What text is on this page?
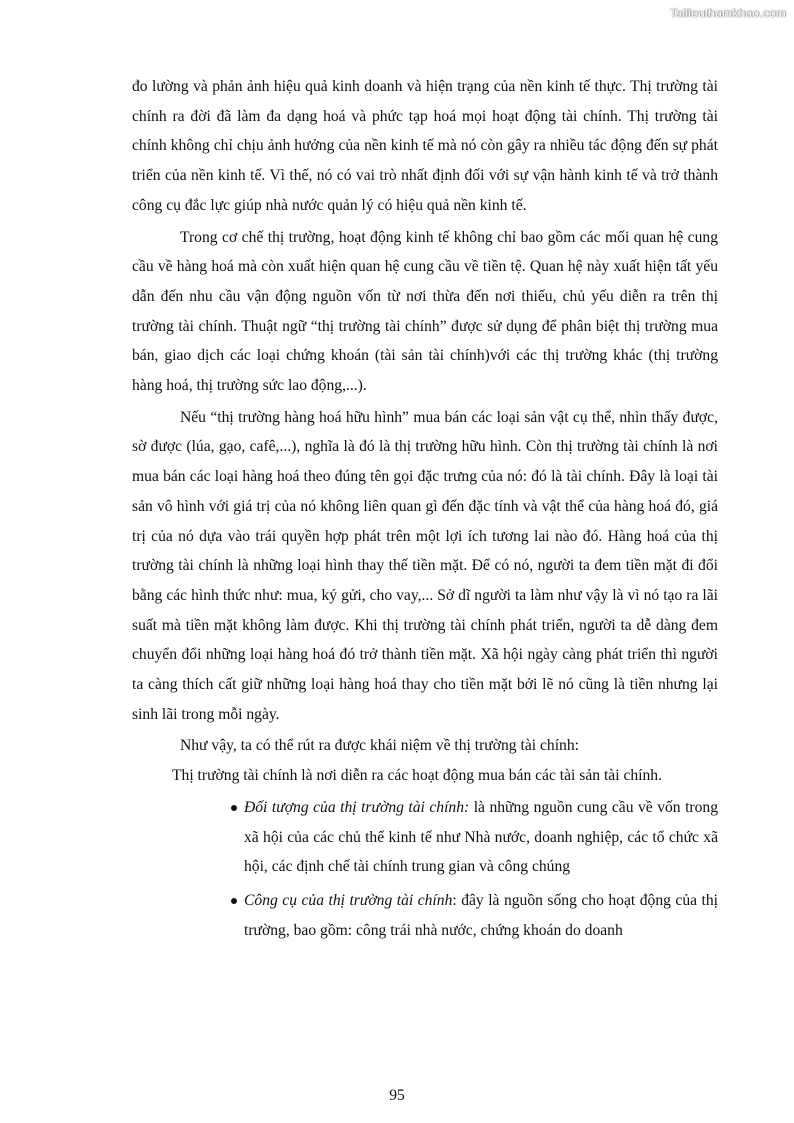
Tailieuthamkhao.com

đo lường và phản ảnh hiệu quả kinh doanh và hiện trạng của nền kinh tế thực. Thị trường tài chính ra đời đã làm đa dạng hoá và phức tạp hoá mọi hoạt động tài chính. Thị trường tài chính không chỉ chịu ảnh hưởng của nền kinh tế mà nó còn gây ra nhiều tác động đến sự phát triển của nền kinh tế. Vì thế, nó có vai trò nhất định đối với sự vận hành kinh tế và trở thành công cụ đắc lực giúp nhà nước quản lý có hiệu quả nền kinh tế.

Trong cơ chế thị trường, hoạt động kinh tế không chỉ bao gồm các mối quan hệ cung cầu về hàng hoá mà còn xuất hiện quan hệ cung cầu về tiền tệ. Quan hệ này xuất hiện tất yếu dẫn đến nhu cầu vận động nguồn vốn từ nơi thừa đến nơi thiếu, chủ yếu diễn ra trên thị trường tài chính. Thuật ngữ “thị trường tài chính” được sử dụng để phân biệt thị trường mua bán, giao dịch các loại chứng khoán (tài sản tài chính)với các thị trường khác (thị trường hàng hoá, thị trường sức lao động,...).

Nếu “thị trường hàng hoá hữu hình” mua bán các loại sản vật cụ thể, nhìn thấy được, sờ được (lúa, gạo, cafê,...), nghĩa là đó là thị trường hữu hình. Còn thị trường tài chính là nơi mua bán các loại hàng hoá theo đúng tên gọi đặc trưng của nó: đó là tài chính. Đây là loại tài sản vô hình với giá trị của nó không liên quan gì đến đặc tính và vật thể của hàng hoá đó, giá trị của nó dựa vào trái quyền hợp phát trên một lợi ích tương lai nào đó. Hàng hoá của thị trường tài chính là những loại hình thay thế tiền mặt. Để có nó, người ta đem tiền mặt đi đổi bằng các hình thức như: mua, ký gửi, cho vay,... Sở dĩ người ta làm như vậy là vì nó tạo ra lãi suất mà tiền mặt không làm được. Khi thị trường tài chính phát triển, người ta dễ dàng đem chuyển đổi những loại hàng hoá đó trở thành tiền mặt. Xã hội ngày càng phát triển thì người ta càng thích cất giữ những loại hàng hoá thay cho tiền mặt bởi lẽ nó cũng là tiền nhưng lại sinh lãi trong mỗi ngày.

Như vậy, ta có thể rút ra được khái niệm về thị trường tài chính:

Thị trường tài chính là nơi diễn ra các hoạt động mua bán các tài sản tài chính.

Đối tượng của thị trường tài chính: là những nguồn cung cầu về vốn trong xã hội của các chủ thể kinh tế như Nhà nước, doanh nghiệp, các tổ chức xã hội, các định chế tài chính trung gian và công chúng
Công cụ của thị trường tài chính: đây là nguồn sống cho hoạt động của thị trường, bao gồm: công trái nhà nước, chứng khoán do doanh
95
